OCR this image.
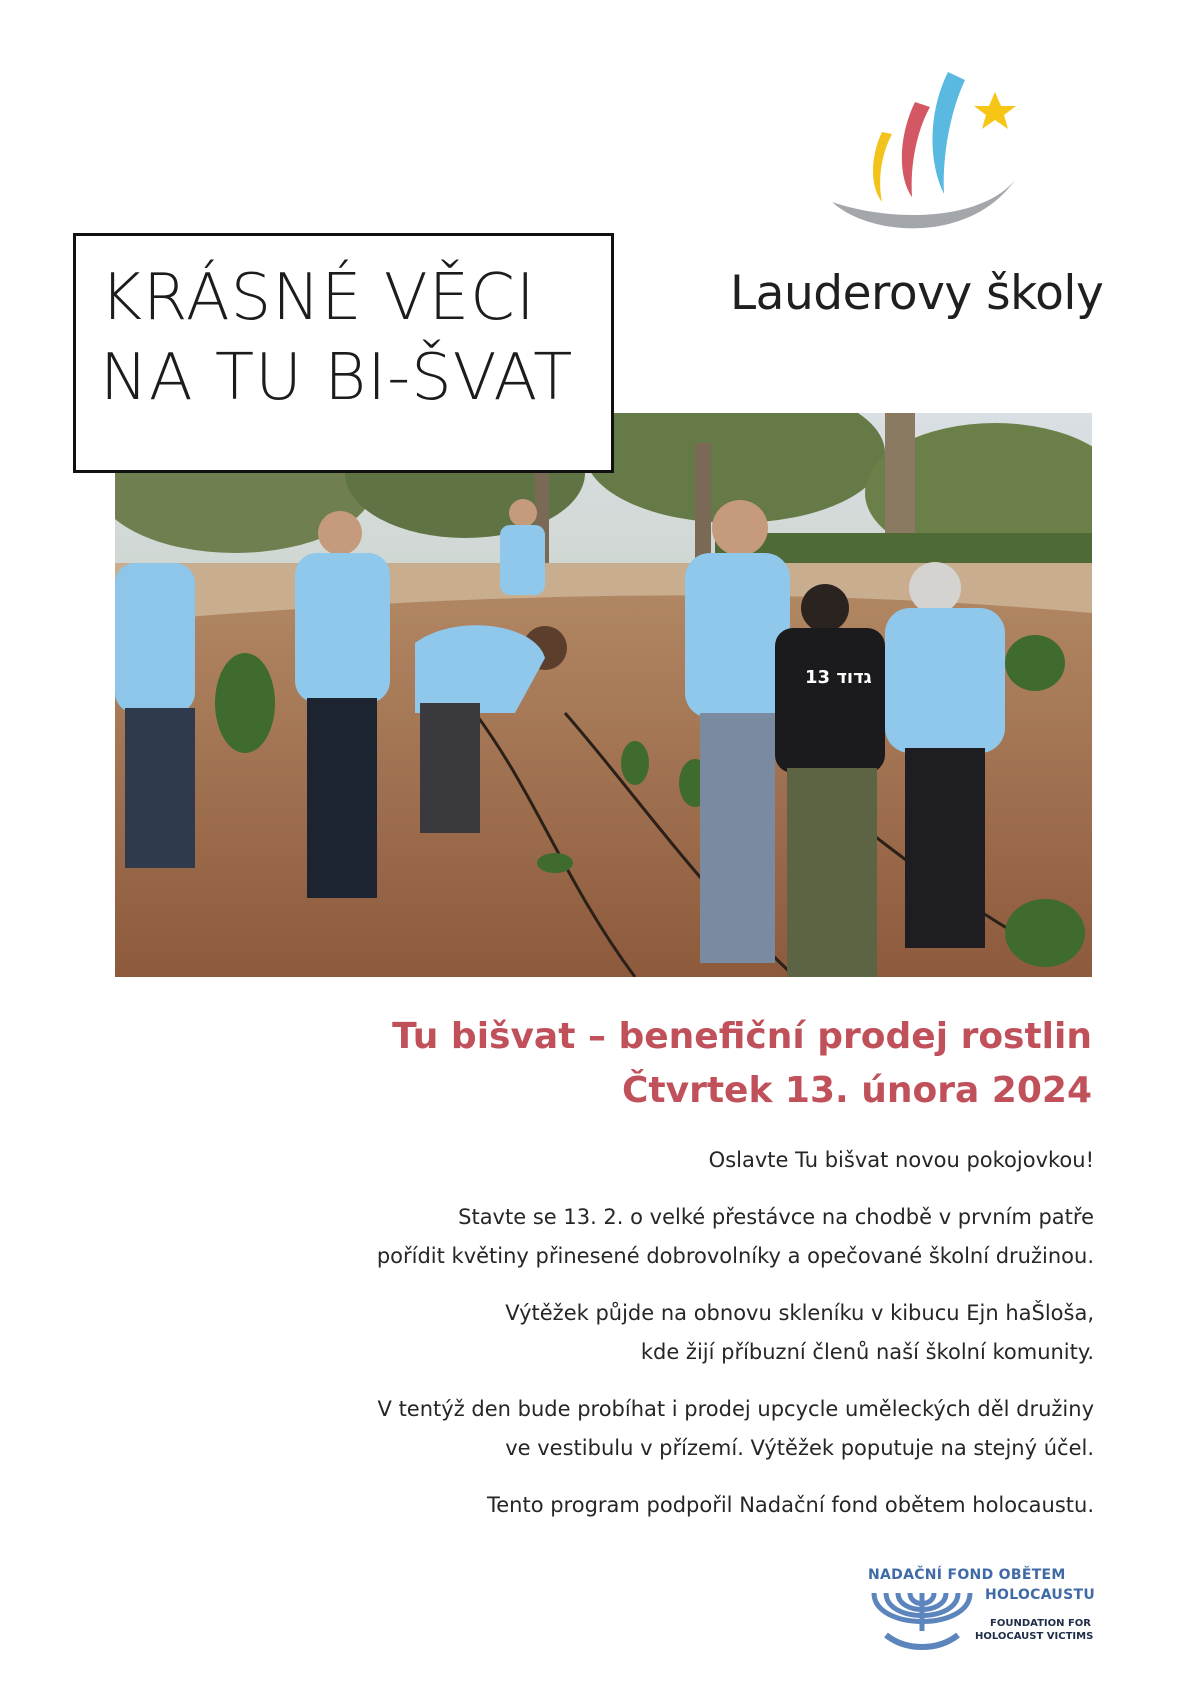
Lauderovy školy
גדוד 13
KRÁSNÉ VĚCI
NA TU BI-ŠVAT
Tu bišvat – benefiční prodej rostlin
Čtvrtek 13. února 2024

Oslavte Tu bišvat novou pokojovkou!

Stavte se 13. 2. o velké přestávce na chodbě v prvním patře
pořídit květiny přinesené dobrovolníky a opečované školní družinou.

Výtěžek půjde na obnovu skleníku v kibucu Ejn haŠloša,
kde žijí příbuzní členů naší školní komunity.

V tentýž den bude probíhat i prodej upcycle uměleckých děl družiny
ve vestibulu v přízemí. Výtěžek poputuje na stejný účel.

Tento program podpořil Nadační fond obětem holocaustu.

NADAČNÍ FOND OBĚTEM
HOLOCAUSTU
FOUNDATION FOR
HOLOCAUST VICTIMS
